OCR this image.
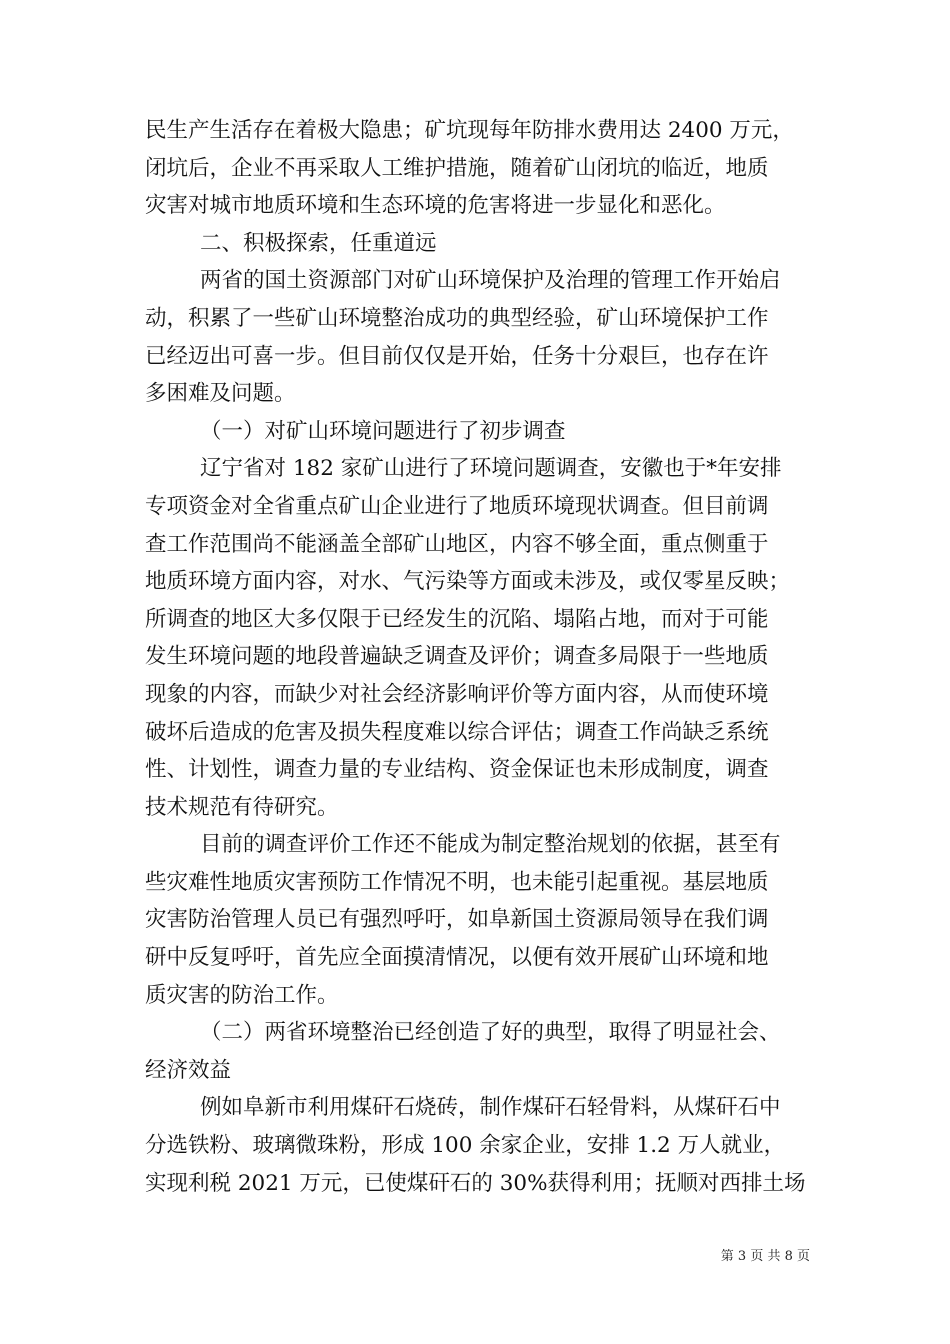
民生产生活存在着极大隐患；矿坑现每年防排水费用达 2400 万元，
闭坑后，企业不再采取人工维护措施，随着矿山闭坑的临近，地质
灾害对城市地质环境和生态环境的危害将进一步显化和恶化。
二、积极探索，任重道远
两省的国土资源部门对矿山环境保护及治理的管理工作开始启
动，积累了一些矿山环境整治成功的典型经验，矿山环境保护工作
已经迈出可喜一步。但目前仅仅是开始，任务十分艰巨，也存在许
多困难及问题。
（一）对矿山环境问题进行了初步调查
辽宁省对 182 家矿山进行了环境问题调查，安徽也于*年安排
专项资金对全省重点矿山企业进行了地质环境现状调查。但目前调
查工作范围尚不能涵盖全部矿山地区，内容不够全面，重点侧重于
地质环境方面内容，对水、气污染等方面或未涉及，或仅零星反映；
所调查的地区大多仅限于已经发生的沉陷、塌陷占地，而对于可能
发生环境问题的地段普遍缺乏调查及评价；调查多局限于一些地质
现象的内容，而缺少对社会经济影响评价等方面内容，从而使环境
破坏后造成的危害及损失程度难以综合评估；调查工作尚缺乏系统
性、计划性，调查力量的专业结构、资金保证也未形成制度，调查
技术规范有待研究。
目前的调查评价工作还不能成为制定整治规划的依据，甚至有
些灾难性地质灾害预防工作情况不明，也未能引起重视。基层地质
灾害防治管理人员已有强烈呼吁，如阜新国土资源局领导在我们调
研中反复呼吁，首先应全面摸清情况，以便有效开展矿山环境和地
质灾害的防治工作。
（二）两省环境整治已经创造了好的典型，取得了明显社会、
经济效益
例如阜新市利用煤矸石烧砖，制作煤矸石轻骨料，从煤矸石中
分选铁粉、玻璃微珠粉，形成 100 余家企业，安排 1.2 万人就业，
实现利税 2021 万元，已使煤矸石的 30%获得利用；抚顺对西排土场
第 3 页 共 8 页
